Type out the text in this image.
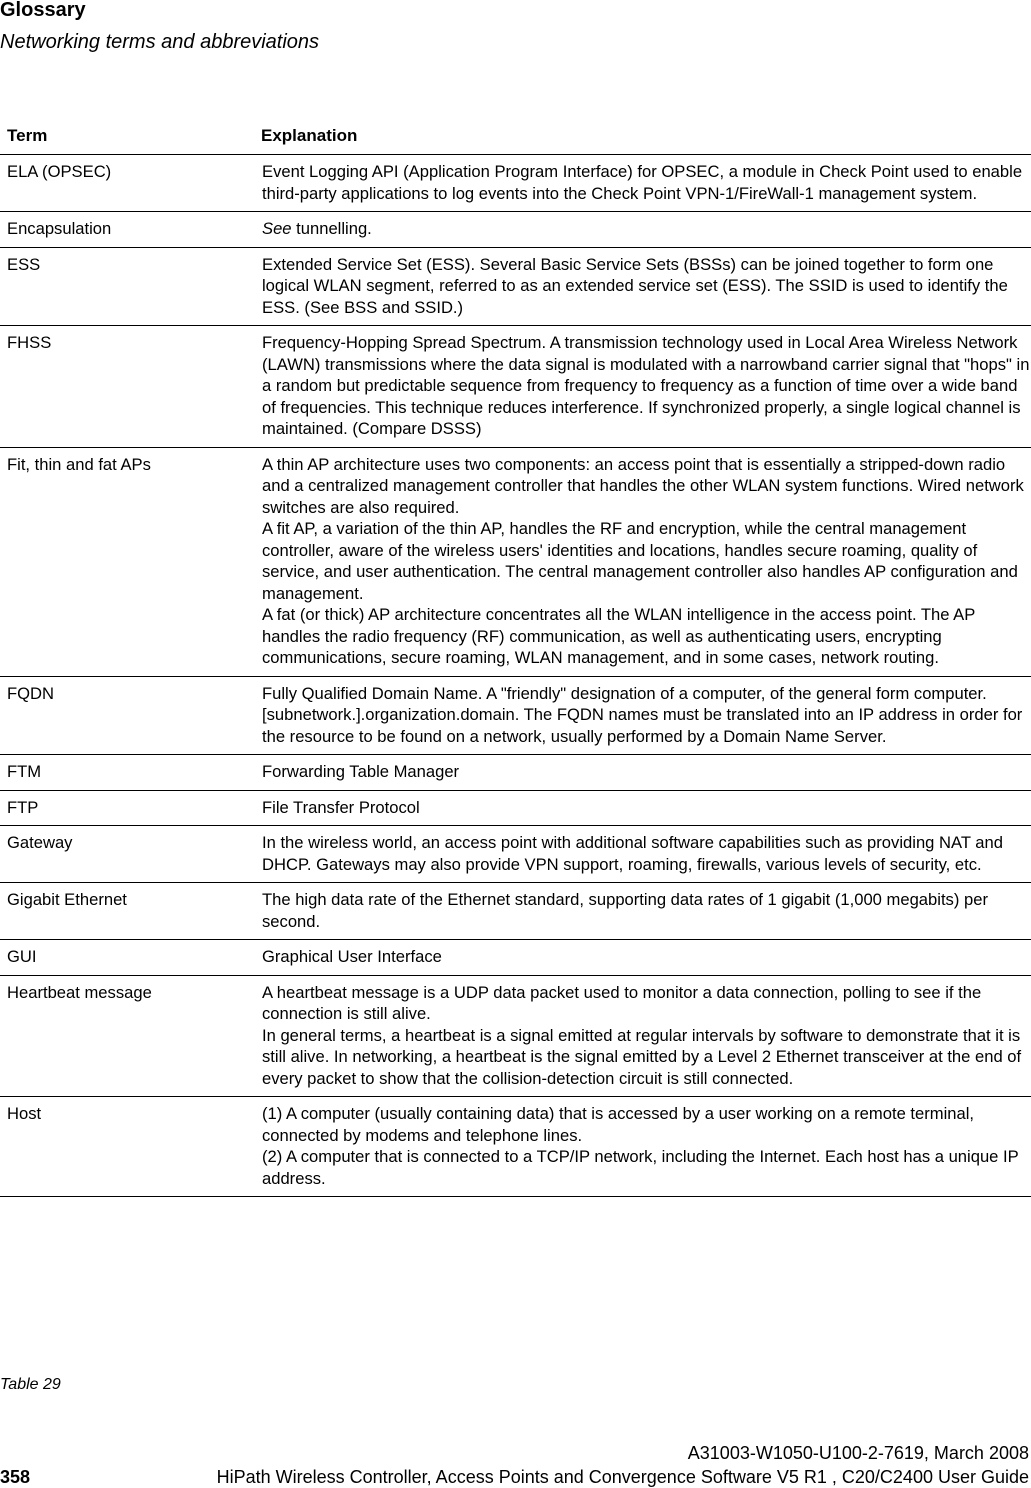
Glossary
Networking terms and abbreviations
Term	Explanation
ELA (OPSEC)	Event Logging API (Application Program Interface) for OPSEC, a module in Check Point used to enable third-party applications to log events into the Check Point VPN-1/FireWall-1 management system.
Encapsulation	See tunnelling.
ESS	Extended Service Set (ESS). Several Basic Service Sets (BSSs) can be joined together to form one logical WLAN segment, referred to as an extended service set (ESS). The SSID is used to identify the ESS. (See BSS and SSID.)
FHSS	Frequency-Hopping Spread Spectrum. A transmission technology used in Local Area Wireless Network (LAWN) transmissions where the data signal is modulated with a narrowband carrier signal that "hops" in a random but predictable sequence from frequency to frequency as a function of time over a wide band of frequencies. This technique reduces interference. If synchronized properly, a single logical channel is maintained. (Compare DSSS)

Fit, thin and fat APs	A thin AP architecture uses two components: an access point that is essentially a stripped-down radio and a centralized management controller that handles the other WLAN system functions. Wired network switches are also required.
A fit AP, a variation of the thin AP, handles the RF and encryption, while the central management controller, aware of the wireless users' identities and locations, handles secure roaming, quality of service, and user authentication. The central management controller also handles AP configuration and management.
A fat (or thick) AP architecture concentrates all the WLAN intelligence in the access point. The AP handles the radio frequency (RF) communication, as well as authenticating users, encrypting communications, secure roaming, WLAN management, and in some cases, network routing.
FQDN	Fully Qualified Domain Name. A "friendly" designation of a computer, of the general form computer.[subnetwork.].organization.domain. The FQDN names must be translated into an IP address in order for the resource to be found on a network, usually performed by a Domain Name Server.
FTM	Forwarding Table Manager
FTP	File Transfer Protocol
Gateway	In the wireless world, an access point with additional software capabilities such as providing NAT and DHCP. Gateways may also provide VPN support, roaming, firewalls, various levels of security, etc.
Gigabit Ethernet	The high data rate of the Ethernet standard, supporting data rates of 1 gigabit (1,000 megabits) per second.
GUI	Graphical User Interface
Heartbeat message	A heartbeat message is a UDP data packet used to monitor a data connection, polling to see if the connection is still alive.
In general terms, a heartbeat is a signal emitted at regular intervals by software to demonstrate that it is still alive. In networking, a heartbeat is the signal emitted by a Level 2 Ethernet transceiver at the end of every packet to show that the collision-detection circuit is still connected.
Host	(1) A computer (usually containing data) that is accessed by a user working on a remote terminal, connected by modems and telephone lines.
(2) A computer that is connected to a TCP/IP network, including the Internet. Each host has a unique IP address.
Table 29
A31003-W1050-U100-2-7619, March 2008
358	HiPath Wireless Controller, Access Points and Convergence Software V5 R1 , C20/C2400 User Guide
